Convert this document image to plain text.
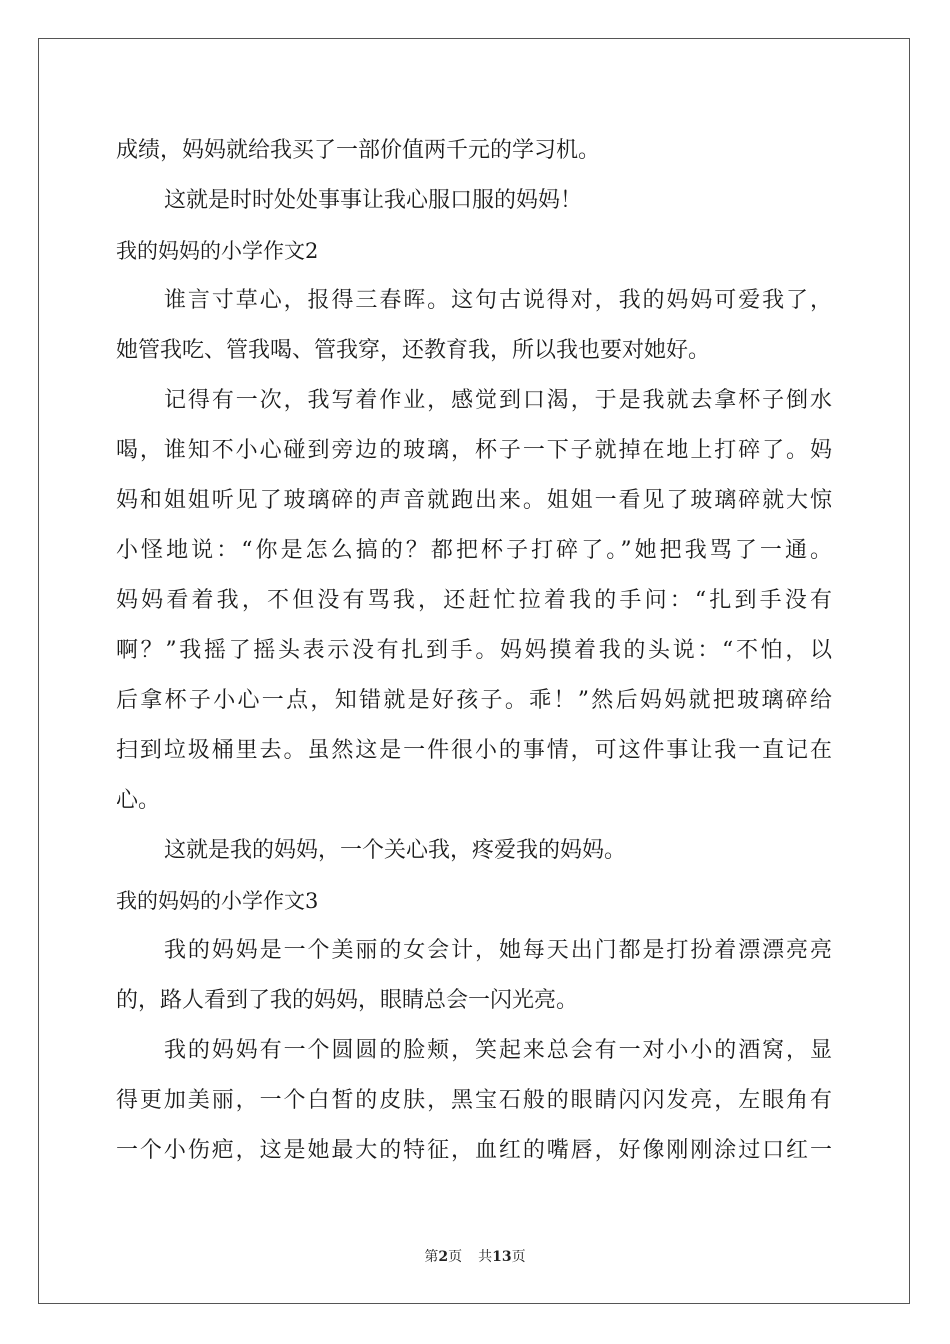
成绩，妈妈就给我买了一部价值两千元的学习机。
这就是时时处处事事让我心服口服的妈妈！
我的妈妈的小学作文2
谁言寸草心，报得三春晖。这句古说得对，我的妈妈可爱我了，
她管我吃、管我喝、管我穿，还教育我，所以我也要对她好。
记得有一次，我写着作业，感觉到口渴，于是我就去拿杯子倒水
喝，谁知不小心碰到旁边的玻璃，杯子一下子就掉在地上打碎了。妈
妈和姐姐听见了玻璃碎的声音就跑出来。姐姐一看见了玻璃碎就大惊
小怪地说：“你是怎么搞的？都把杯子打碎了。”她把我骂了一通。
妈妈看着我，不但没有骂我，还赶忙拉着我的手问：“扎到手没有
啊？”我摇了摇头表示没有扎到手。妈妈摸着我的头说：“不怕，以
后拿杯子小心一点，知错就是好孩子。乖！”然后妈妈就把玻璃碎给
扫到垃圾桶里去。虽然这是一件很小的事情，可这件事让我一直记在
心。
这就是我的妈妈，一个关心我，疼爱我的妈妈。
我的妈妈的小学作文3
我的妈妈是一个美丽的女会计，她每天出门都是打扮着漂漂亮亮
的，路人看到了我的妈妈，眼睛总会一闪光亮。
我的妈妈有一个圆圆的脸颊，笑起来总会有一对小小的酒窝，显
得更加美丽，一个白皙的皮肤，黑宝石般的眼睛闪闪发亮，左眼角有
一个小伤疤，这是她最大的特征，血红的嘴唇，好像刚刚涂过口红一
第2页 共13页
